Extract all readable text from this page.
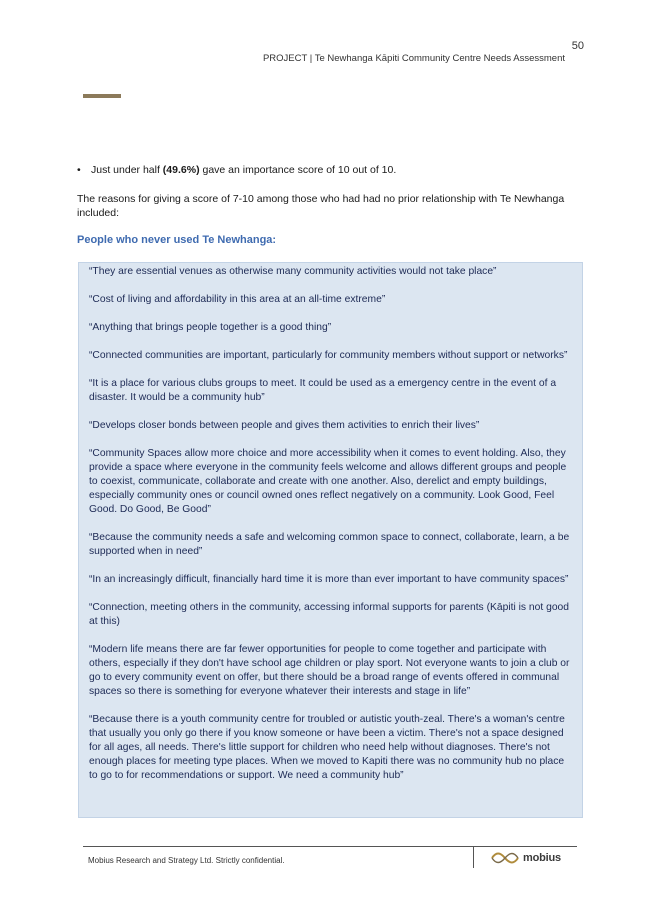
50
PROJECT | Te Newhanga Kāpiti Community Centre Needs Assessment
• Just under half (49.6%) gave an importance score of 10 out of 10.
The reasons for giving a score of 7-10 among those who had had no prior relationship with Te Newhanga included:
People who never used Te Newhanga:

“They are essential venues as otherwise many community activities would not take place”

“Cost of living and affordability in this area at an all-time extreme”

“Anything that brings people together is a good thing”

“Connected communities are important, particularly for community members without support or networks”

“It is a place for various clubs groups to meet. It could be used as a emergency centre in the event of a disaster. It would be a community hub”

“Develops closer bonds between people and gives them activities to enrich their lives”

“Community Spaces allow more choice and more accessibility when it comes to event holding. Also, they provide a space where everyone in the community feels welcome and allows different groups and people to coexist, communicate, collaborate and create with one another. Also, derelict and empty buildings, especially community ones or council owned ones reflect negatively on a community. Look Good, Feel Good. Do Good, Be Good”

“Because the community needs a safe and welcoming common space to connect, collaborate, learn, a be supported when in need”

“In an increasingly difficult, financially hard time it is more than ever important to have community spaces”

“Connection, meeting others in the community, accessing informal supports for parents (Kāpiti is not good at this)

“Modern life means there are far fewer opportunities for people to come together and participate with others, especially if they don't have school age children or play sport. Not everyone wants to join a club or go to every community event on offer, but there should be a broad range of events offered in communal spaces so there is something for everyone whatever their interests and stage in life”

“Because there is a youth community centre for troubled or autistic youth-zeal. There's a woman's centre that usually you only go there if you know someone or have been a victim. There's not a space designed for all ages, all needs. There's little support for children who need help without diagnoses. There's not enough places for meeting type places. When we moved to Kapiti there was no community hub no place to go to for recommendations or support. We need a community hub”

Mobius Research and Strategy Ltd. Strictly confidential.	mobius
